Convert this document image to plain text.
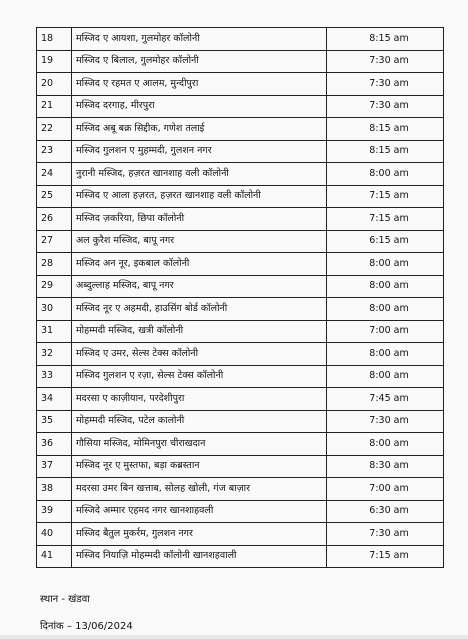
18	मस्जिद ए आयशा, गुलमोहर कॉलोनी	8:15 am
19	मस्जिद ए बिलाल, गुलमोहर कॉलोनी	7:30 am
20	मस्जिद ए रहमत ए आलम, मुन्दीपुरा	7:30 am
21	मस्जिद दरगाह, मीरपुरा	7:30 am
22	मस्जिद अबू बक्र सिद्दीक, गणेश तलाई	8:15 am
23	मस्जिद गुलशन ए मुहम्मदी, गुलशन नगर	8:15 am
24	नुरानी मस्जिद, हज़रत खानशाह वली कॉलोनी	8:00 am
25	मस्जिद ए आला हज़रत, हज़रत खानशाह वली कॉलोनी	7:15 am
26	मस्जिद ज़करिया, छिपा कॉलोनी	7:15 am
27	अल कुरैश मस्जिद, बापू नगर	6:15 am
28	मस्जिद अन नूर, इकबाल कॉलोनी	8:00 am
29	अब्दुल्लाह मस्जिद, बापू नगर	8:00 am
30	मस्जिद नूर ए अहमदी, हाउसिंग बोर्ड कॉलोनी	8:00 am
31	मोहम्मदी मस्जिद, खत्री कॉलोनी	7:00 am
32	मस्जिद ए उमर, सेल्स टेक्स कॉलोनी	8:00 am
33	मस्जिद गुलशन ए रज़ा, सेल्स टेक्स कॉलोनी	8:00 am
34	मदरसा ए काज़ीयान, परदेशीपुरा	7:45 am
35	मोहम्मदी मस्जिद, पटेल कालोनी	7:30 am
36	गौसिया मस्जिद, मोमिनपुरा चीराखदान	8:00 am
37	मस्जिद नूर ए मुस्तफा, बड़ा कब्रस्तान	8:30 am
38	मदरसा उमर बिन खत्ताब, सोलह खोली, गंज बाज़ार	7:00 am
39	मस्जिदे अम्मार एहमद नगर खानशाहवली	6:30 am
40	मस्जिद बैतुल मुकर्रम, गुलशन नगर	7:30 am
41	मस्जिद नियाज़ि मोहम्मदी कॉलोनी खानशहवाली	7:15 am
स्थान - खंडवा
दिनांक – 13/06/2024
